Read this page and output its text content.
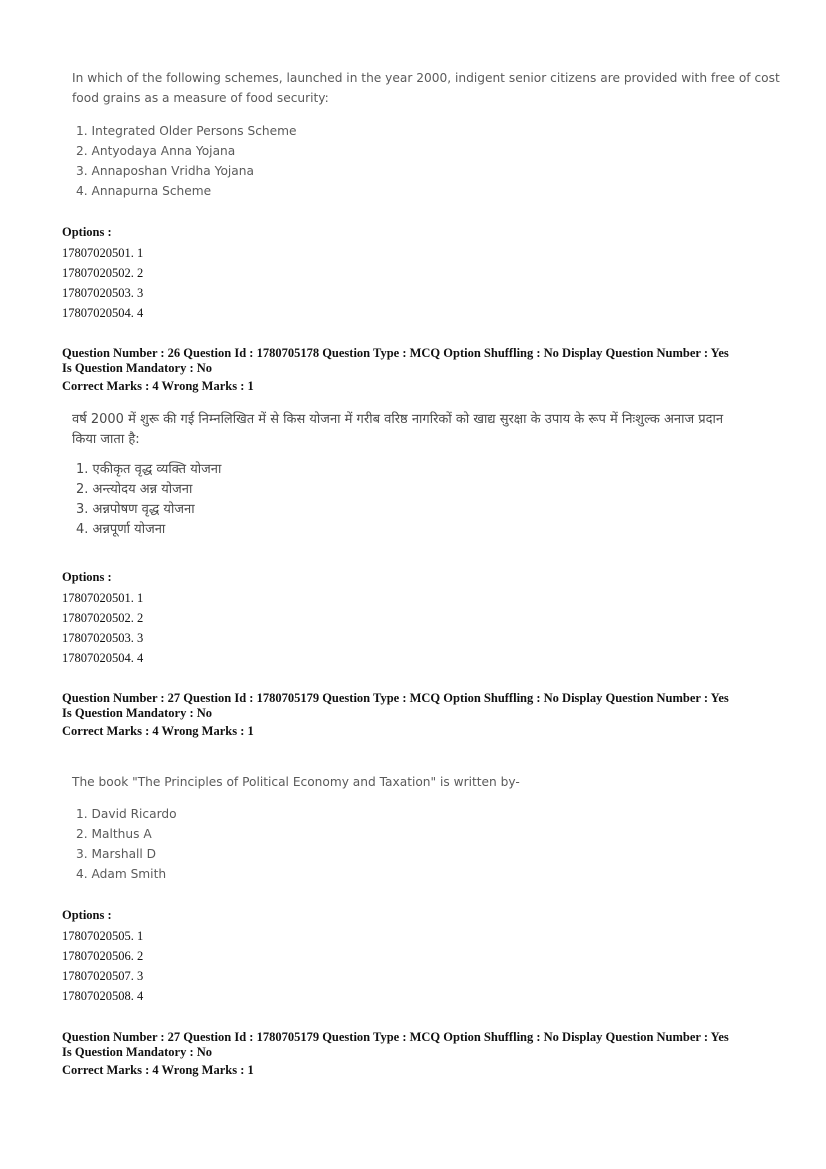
In which of the following schemes, launched in the year 2000, indigent senior citizens are provided with free of cost

food grains as a measure of food security:

1. Integrated Older Persons Scheme

2. Antyodaya Anna Yojana

3. Annaposhan Vridha Yojana

4. Annapurna Scheme

Options :
17807020501. 1
17807020502. 2
17807020503. 3
17807020504. 4
Question Number : 26 Question Id : 1780705178 Question Type : MCQ Option Shuffling : No Display Question Number : Yes
Is Question Mandatory : No
Correct Marks : 4 Wrong Marks : 1

वर्ष 2000 में शुरू की गई निम्नलिखित में से किस योजना में गरीब वरिष्ठ नागरिकों को खाद्य सुरक्षा के उपाय के रूप में निःशुल्क अनाज प्रदान

किया जाता है:

1. एकीकृत वृद्ध व्यक्ति योजना

2. अन्त्योदय अन्न योजना

3. अन्नपोषण वृद्ध योजना

4. अन्नपूर्णा योजना

Options :
17807020501. 1
17807020502. 2
17807020503. 3
17807020504. 4
Question Number : 27 Question Id : 1780705179 Question Type : MCQ Option Shuffling : No Display Question Number : Yes
Is Question Mandatory : No
Correct Marks : 4 Wrong Marks : 1

The book "The Principles of Political Economy and Taxation" is written by-

1. David Ricardo

2. Malthus A

3. Marshall D

4. Adam Smith

Options :
17807020505. 1
17807020506. 2
17807020507. 3
17807020508. 4
Question Number : 27 Question Id : 1780705179 Question Type : MCQ Option Shuffling : No Display Question Number : Yes
Is Question Mandatory : No
Correct Marks : 4 Wrong Marks : 1
